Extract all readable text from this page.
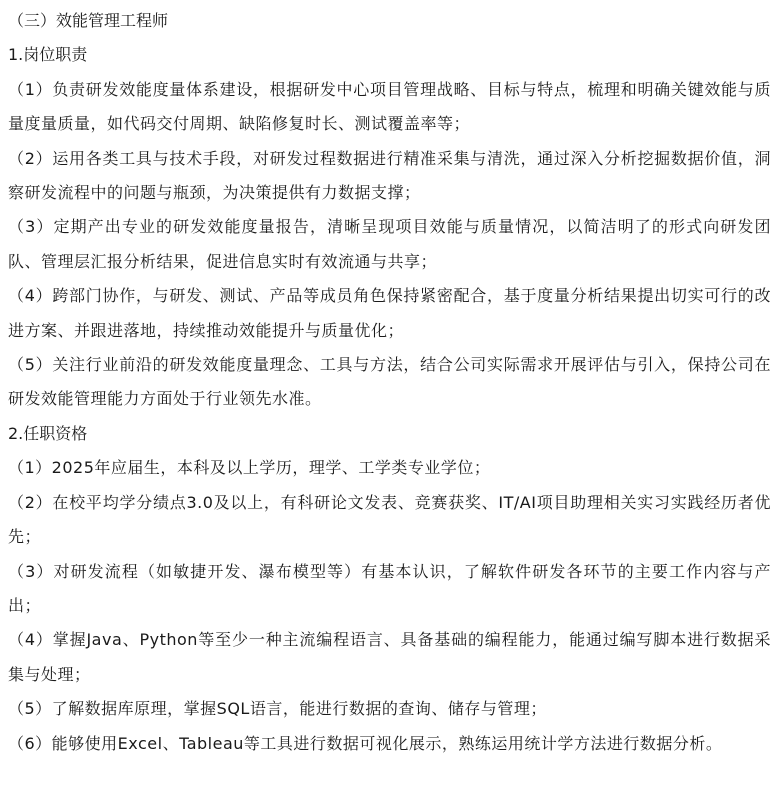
（三）效能管理工程师
1.岗位职责
（1）负责研发效能度量体系建设，根据研发中心项目管理战略、目标与特点，梳理和明确关键效能与质量度量质量，如代码交付周期、缺陷修复时长、测试覆盖率等；
（2）运用各类工具与技术手段，对研发过程数据进行精准采集与清洗，通过深入分析挖掘数据价值，洞察研发流程中的问题与瓶颈，为决策提供有力数据支撑；
（3）定期产出专业的研发效能度量报告，清晰呈现项目效能与质量情况，以简洁明了的形式向研发团队、管理层汇报分析结果，促进信息实时有效流通与共享；
（4）跨部门协作，与研发、测试、产品等成员角色保持紧密配合，基于度量分析结果提出切实可行的改进方案、并跟进落地，持续推动效能提升与质量优化；
（5）关注行业前沿的研发效能度量理念、工具与方法，结合公司实际需求开展评估与引入，保持公司在研发效能管理能力方面处于行业领先水准。
2.任职资格
（1）2025年应届生，本科及以上学历，理学、工学类专业学位；
（2）在校平均学分绩点3.0及以上，有科研论文发表、竞赛获奖、IT/AI项目助理相关实习实践经历者优先；
（3）对研发流程（如敏捷开发、瀑布模型等）有基本认识，了解软件研发各环节的主要工作内容与产出；
（4）掌握Java、Python等至少一种主流编程语言、具备基础的编程能力，能通过编写脚本进行数据采集与处理；
（5）了解数据库原理，掌握SQL语言，能进行数据的查询、储存与管理；
（6）能够使用Excel、Tableau等工具进行数据可视化展示，熟练运用统计学方法进行数据分析。
